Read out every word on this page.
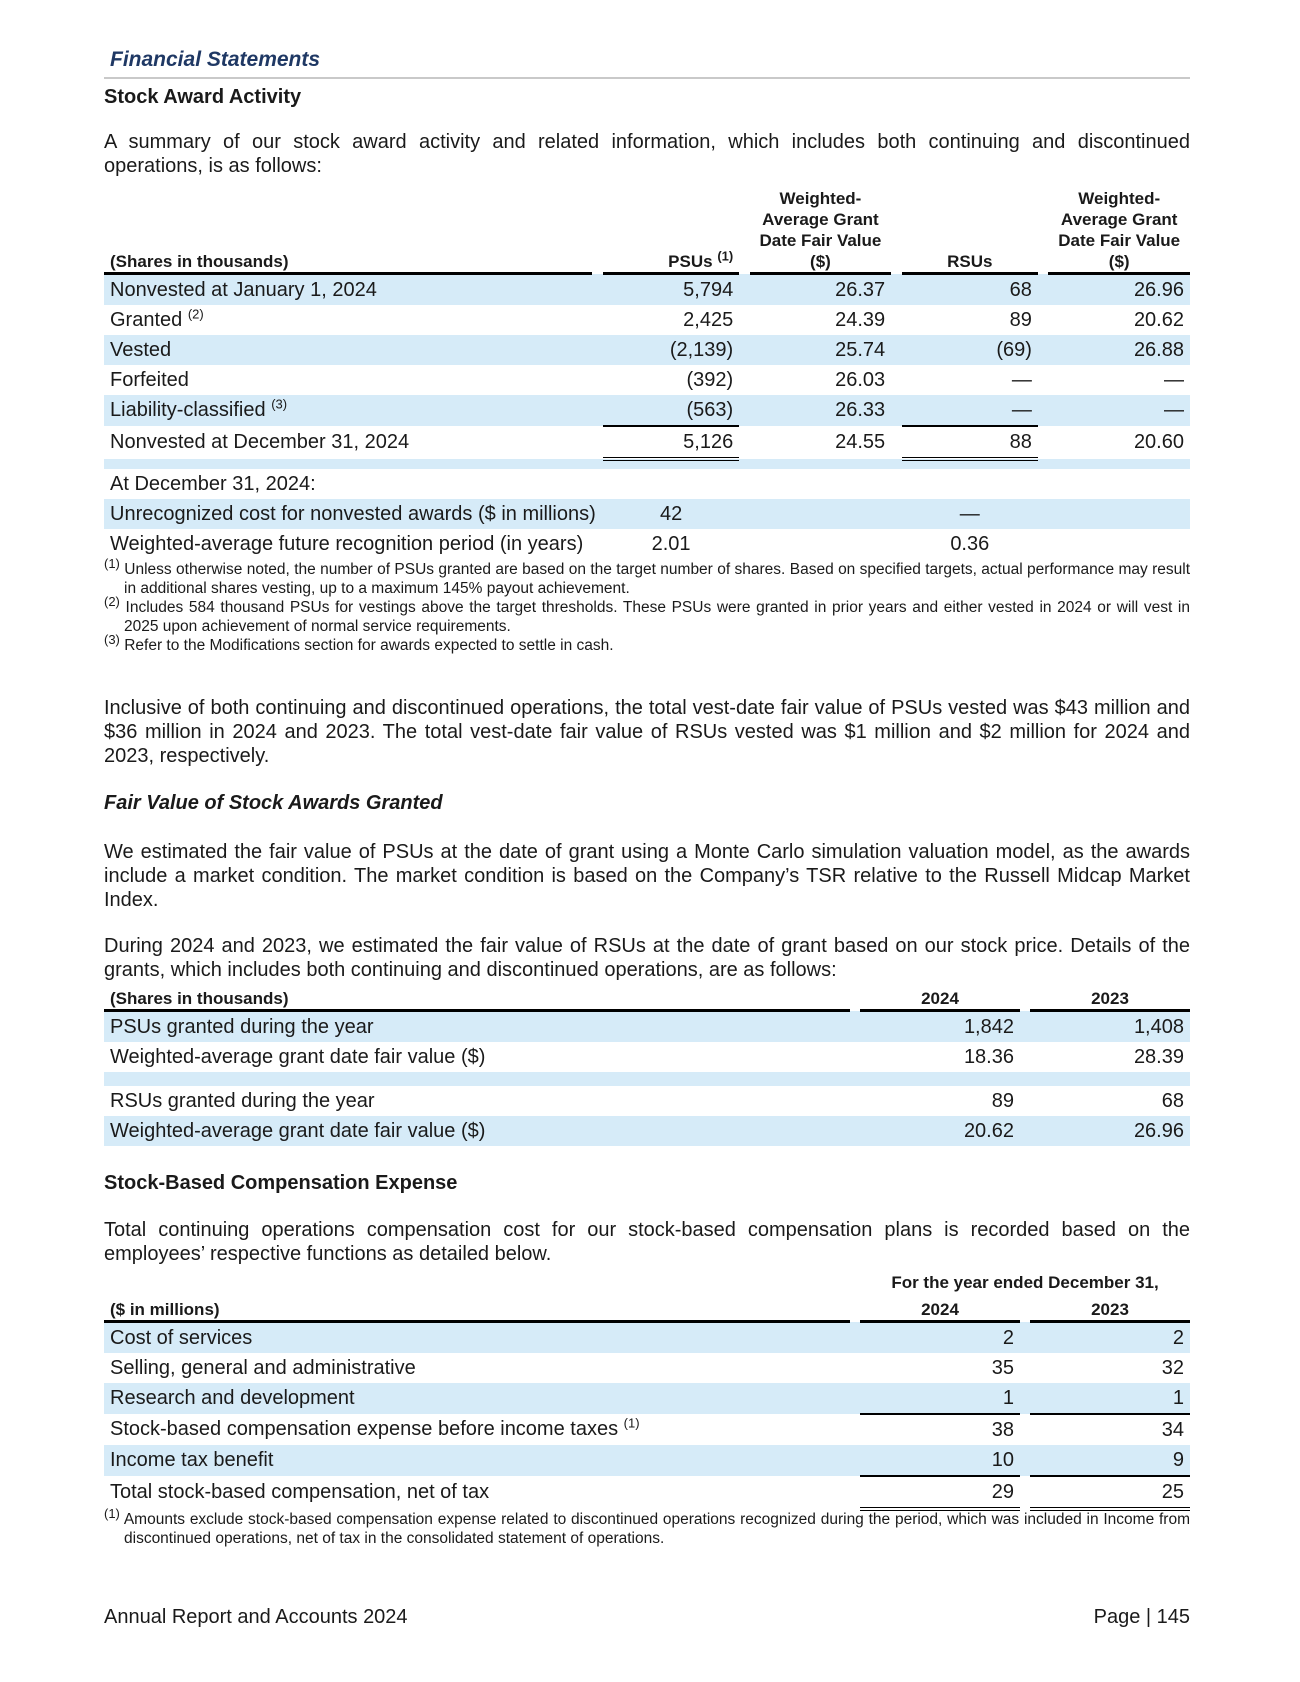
Financial Statements
Stock Award Activity
A summary of our stock award activity and related information, which includes both continuing and discontinued operations, is as follows:
(Shares in thousands)		PSUs $^{(1)}$		Weighted-Average Grant Date Fair Value ($)		RSUs		Weighted-Average Grant Date Fair Value ($)
Nonvested at January 1, 2024		5,794		26.37		68		26.96
Granted $^{(2)}$		2,425		24.39		89		20.62
Vested		(2,139)		25.74		(69)		26.88
Forfeited		(392)		26.03		—		—
Liability-classified $^{(3)}$		(563)		26.33		—		—
Nonvested at December 31, 2024		5,126		24.55		88		20.60

At December 31, 2024:								
Unrecognized cost for nonvested awards ($ in millions)		42				—		
Weighted-average future recognition period (in years)		2.01				0.36		
$^{(1)}$ Unless otherwise noted, the number of PSUs granted are based on the target number of shares. Based on specified targets, actual performance may result in additional shares vesting, up to a maximum 145% payout achievement.
$^{(2)}$ Includes 584 thousand PSUs for vestings above the target thresholds. These PSUs were granted in prior years and either vested in 2024 or will vest in 2025 upon achievement of normal service requirements.
$^{(3)}$ Refer to the Modifications section for awards expected to settle in cash.
Inclusive of both continuing and discontinued operations, the total vest-date fair value of PSUs vested was $43 million and $36 million in 2024 and 2023. The total vest-date fair value of RSUs vested was $1 million and $2 million for 2024 and 2023, respectively.
Fair Value of Stock Awards Granted
We estimated the fair value of PSUs at the date of grant using a Monte Carlo simulation valuation model, as the awards include a market condition. The market condition is based on the Company’s TSR relative to the Russell Midcap Market Index.
During 2024 and 2023, we estimated the fair value of RSUs at the date of grant based on our stock price. Details of the grants, which includes both continuing and discontinued operations, are as follows:
(Shares in thousands)		2024		2023
PSUs granted during the year		1,842		1,408
Weighted-average grant date fair value ($)		18.36		28.39

RSUs granted during the year		89		68
Weighted-average grant date fair value ($)		20.62		26.96
Stock-Based Compensation Expense
Total continuing operations compensation cost for our stock-based compensation plans is recorded based on the employees’ respective functions as detailed below.
		For the year ended December 31,		
($ in millions)		2024		2023
Cost of services		2		2
Selling, general and administrative		35		32
Research and development		1		1
Stock-based compensation expense before income taxes $^{(1)}$		38		34
Income tax benefit		10		9
Total stock-based compensation, net of tax		29		25
$^{(1)}$ Amounts exclude stock-based compensation expense related to discontinued operations recognized during the period, which was included in Income from discontinued operations, net of tax in the consolidated statement of operations.
Annual Report and Accounts 2024	Page | 145
